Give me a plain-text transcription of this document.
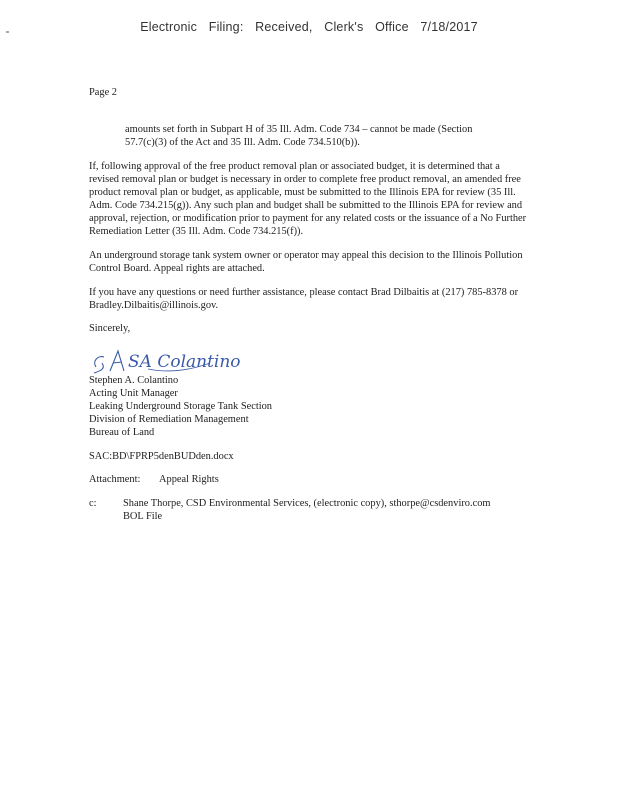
Electronic Filing: Received, Clerk's Office 7/18/2017
Page 2
amounts set forth in Subpart H of 35 Ill. Adm. Code 734 – cannot be made (Section
57.7(c)(3) of the Act and 35 Ill. Adm. Code 734.510(b)).
If, following approval of the free product removal plan or associated budget, it is determined that a
revised removal plan or budget is necessary in order to complete free product removal, an amended free
product removal plan or budget, as applicable, must be submitted to the Illinois EPA for review (35 Ill.
Adm. Code 734.215(g)). Any such plan and budget shall be submitted to the Illinois EPA for review and
approval, rejection, or modification prior to payment for any related costs or the issuance of a No Further
Remediation Letter (35 Ill. Adm. Code 734.215(f)).
An underground storage tank system owner or operator may appeal this decision to the Illinois Pollution
Control Board. Appeal rights are attached.
If you have any questions or need further assistance, please contact Brad Dilbaitis at (217) 785-8378 or
Bradley.Dilbaitis@illinois.gov.
Sincerely,
SA Colantino
Stephen A. Colantino
Acting Unit Manager
Leaking Underground Storage Tank Section
Division of Remediation Management
Bureau of Land
SAC:BD\FPRP5denBUDden.docx
Attachment: Appeal Rights
c:	Shane Thorpe, CSD Environmental Services, (electronic copy), sthorpe@csdenviro.com
BOL File
